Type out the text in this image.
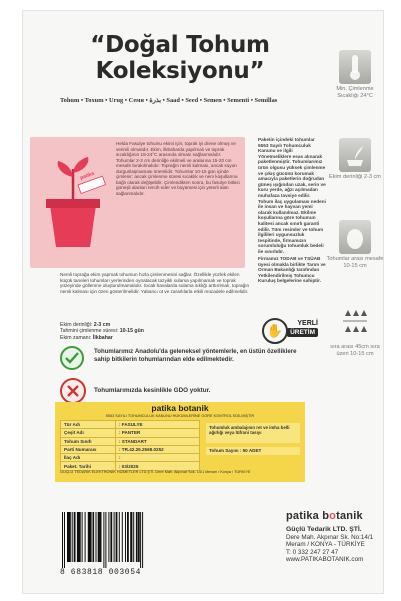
“Doğal Tohum
Koleksiyonu”
Tohum • Toxum • Urug • Семя • بذرة • Saad • Seed • Semen • Sementi • Semillas
Min. Çimlenme Sıcaklığı 24°C
Ekim derinliği 2-3 cm
Tohumlar arası mesafe 10-15 cm
sıra arası 45cm sıra üzeri 10-15 cm
patika
Helda Fasulye tohumu ekimi için, toprak iyi drene olmuş ve verimli olmalıdır. Ekim, ilkbaharda yapılmalı ve toprak sıcaklığının 18-24°C arasında olması sağlanmalıdır. Tohumlar 2-3 cm derinliğe ekilmeli ve aralarına 15-20 cm mesafe bırakılmalıdır. Toprağın nemli kalması, ancak suyun durgunlaşmaması önemlidir. Tohumlar 10-15 gün içinde çimlenir; ancak çimlenme süresi sıcaklık ve nem koşullarına bağlı olarak değişebilir. Çimlendikten sonra, bu fasulye bitkisi güneşli alanları tercih eder ve büyümesi için yeterli alan sağlanmalıdır.
Paketin içindeki tohumlar 5553 Sayılı Tohumculuk Kanunu ve ilgili Yönetmeliklere esas alınarak paketlenmiştir. Tohumlarımız ürün olgusu yüksek çimlenme ve çıkış gücünü korumak amacıyla paketlerin doğrudan güneş ışığından uzak, serin ve kuru yerde, ağzı açılmadan muhafaza tavsiye edilir. Tohum ilaç uygulaması nedeni ile insan ve hayvan yemi olarak kullanılmaz. Ekilme koşullarına göre tohumun kalitesi ancak sınırlı garanti edilir. Tüm resimler ve tohum ilgilileri uygunsuzluk tespitinde, firmamızın sorumluluğu tohumluk bedeli ile sınırlıdır.
Firmamız TODAB ve TSÜAB üyesi olmakla birlikte Tarım ve Orman Bakanlığı tarafından Yetkilendirilmiş Tohumcu Kuruluş belgelerine sahiptir.
Nemli toprağa ekim yapmak tohumun hızla çimlenmesini sağlar. Özellikle yüzlek ekilen küçük taneleri tohumları yerlerinden oynatacak tazyikli sulama yapılmamalı ve toprak yüzeyinde göllenme oluşturulmamalıdır. Sıcak havalarda sulama sıklığı arttırılmalı, toprağın nemli kalması için özen gösterilmelidir. Yabancı ot ve zararlılarla etkili mücadele edilmelidir.
Ekim derinliği: 2-3 cm
Tahmini çimlenme süresi: 10-15 gün
Ekim zamanı: İlkbahar	✋	YERLİ
ÜRETİM
Tohumlarımız Anadolu'da geleneksel yöntemlerle, en üstün özelliklere sahip bitkilerin tohumlarından elde edilmektedir.
Tohumlarımızda kesinlikle GDO yoktur.
patika botanik
5553 SAYILI TOHUMCULUK KANUNU HÜKÜMLERİNE GÖRE KONTROL EDİLMİŞTİR
Tür Adı	: FASULYE
Çeşit Adı	: PANTER
Tohum Sınıfı	: STANDART
Parti Numarası	: TR.42.25.2568.0252
İlaç Adı	:
Paket. Tarihi	: 03/2025
Tohumluk ambalajının ret ve imha belli ağırlığı veya lüfrani tasıyı
Tohum Sayısı : 50 ADET
GÜÇLÜ TEDARİK ELEKTRONİK HİZMETLER LTD.ŞTİ. Dere Mah. Akpınar Sok. 14/1 Meram / Konya / TÜRKİYE
8 683818 003054
patika botanik
Güçlü Tedarik LTD. ŞTİ.
Dere Mah. Akpınar Sk. No:14/1
Meram / KONYA - TÜRKİYE
T: 0 332 247 27 47
www.PATIKABOTANIK.com
